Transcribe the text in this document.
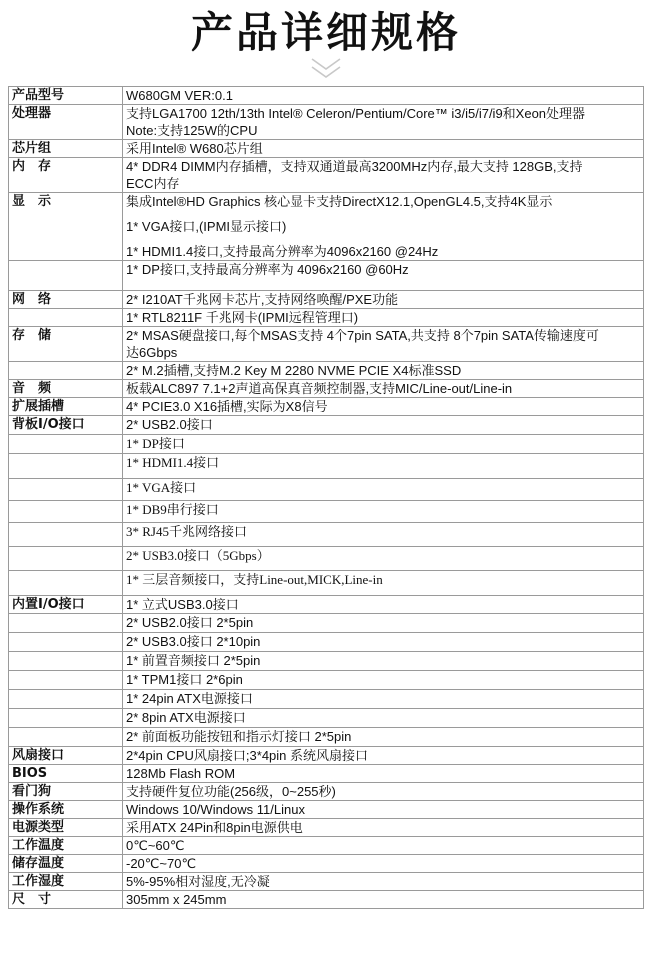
产品详细规格
产品型号	W680GM VER:0.1

处理器	支持LGA1700 12th/13th Intel® Celeron/Pentium/Core™ i3/i5/i7/i9和Xeon处理器
Note:支持125W的CPU

芯片组	采用Intel® W680芯片组

内　存	4* DDR4 DIMM内存插槽，支持双通道最高3200MHz内存,最大支持 128GB,支持
ECC内存

显　示	集成Intel®HD Graphics 核心显卡支持DirectX12.1,OpenGL4.5,支持4K显示
1* VGA接口,(IPMI显示接口)
1* HDMI1.4接口,支持最高分辨率为4096x2160 @24Hz

	1* DP接口,支持最高分辨率为 4096x2160 @60Hz

网　络	2* I210AT千兆网卡芯片,支持网络唤醒/PXE功能

	1* RTL8211F 千兆网卡(IPMI远程管理口)

存　储	2* MSAS硬盘接口,每个MSAS支持 4个7pin SATA,共支持 8个7pin SATA传输速度可
达6Gbps

	2* M.2插槽,支持M.2 Key M 2280 NVME PCIE X4标准SSD

音　频	板载ALC897 7.1+2声道高保真音频控制器,支持MIC/Line-out/Line-in

扩展插槽	4* PCIE3.0 X16插槽,实际为X8信号

背板I/O接口	2* USB2.0接口

	1* DP接口

	1* HDMI1.4接口

	1* VGA接口

	1* DB9串行接口

	3* RJ45千兆网络接口

	2* USB3.0接口（5Gbps）

	1* 三层音频接口，支持Line-out,MICK,Line-in

内置I/O接口	1* 立式USB3.0接口

	2* USB2.0接口 2*5pin

	2* USB3.0接口 2*10pin

	1* 前置音频接口 2*5pin

	1* TPM1接口 2*6pin

	1* 24pin ATX电源接口

	2* 8pin ATX电源接口

	2* 前面板功能按钮和指示灯接口 2*5pin

风扇接口	2*4pin CPU风扇接口;3*4pin 系统风扇接口

BIOS	128Mb Flash ROM

看门狗	支持硬件复位功能(256级，0~255秒)

操作系统	Windows 10/Windows 11/Linux

电源类型	采用ATX 24Pin和8pin电源供电

工作温度	0℃~60℃

储存温度	-20℃~70℃

工作湿度	5%-95%相对湿度,无冷凝

尺　寸	305mm x 245mm
